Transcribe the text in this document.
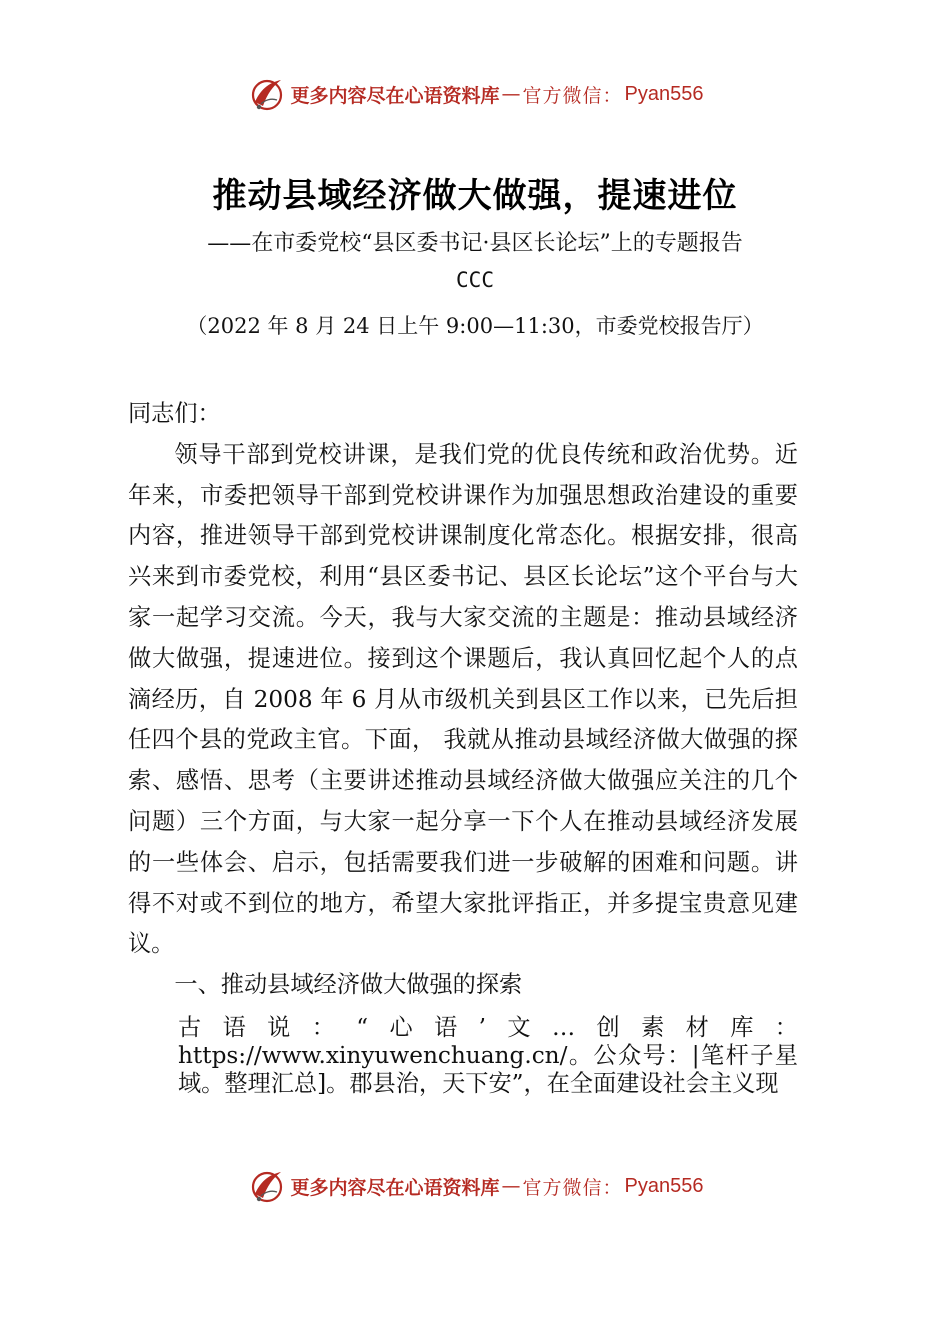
更多内容尽在心语资料库 — 官方微信： Pyan556
推动县域经济做大做强，提速进位
——在市委党校“县区委书记·县区长论坛”上的专题报告
CCC
（2022 年 8 月 24 日上午 9:00—11:30，市委党校报告厅）

同志们：

领导干部到党校讲课，是我们党的优良传统和政治优势。近年来，市委把领导干部到党校讲课作为加强思想政治建设的重要内容，推进领导干部到党校讲课制度化常态化。根据安排，很高兴来到市委党校，利用“县区委书记、县区长论坛”这个平台与大家一起学习交流。今天，我与大家交流的主题是：推动县域经济做大做强，提速进位。接到这个课题后，我认真回忆起个人的点滴经历，自 2008 年 6 月从市级机关到县区工作以来，已先后担任四个县的党政主官。下面， 我就从推动县域经济做大做强的探索、感悟、思考（主要讲述推动县域经济做大做强应关注的几个问题）三个方面，与大家一起分享一下个人在推动县域经济发展的一些体会、启示，包括需要我们进一步破解的困难和问题。讲得不对或不到位的地方，希望大家批评指正，并多提宝贵意见建议。

一、推动县域经济做大做强的探索

古语说：“心语’文…创素材库：https://www.xinyuwenchuang.cn/。公众号：|笔杆子星域。整理汇总]。郡县治，天下安”，在全面建设社会主义现

更多内容尽在心语资料库 — 官方微信： Pyan556
